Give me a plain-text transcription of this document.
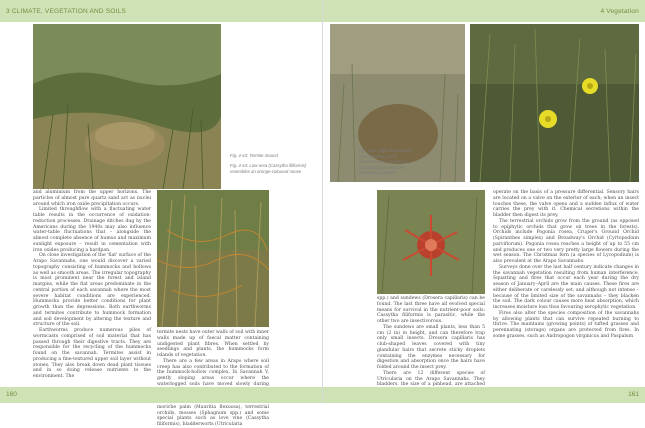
3 CLIMATE, VEGETATION AND SOILS	4 Vegetation
Fig. 4-43: Termite mound
Fig. 4-44: Low-area (Cassytha filiformis) resembles an orange-coloured noose
Fig. 4-45: (right-then below) Insectivorous plants: bladderwort (a species of Utricularia) and sundew (Drosera capillaris)

and aluminium from the upper horizons. The particles of almost pure quartz sand act as nuclei around which iron oxide precipitation occurs.

Limited throughflow with a fluctuating water table results in the occurrence of oxidation-reduction processes. Drainage ditches dug by the Americans during the 1940s may also influence water-table fluctuations that – alongside the almost complete absence of humus and maximum sunlight exposure – result in cementation with iron oxides producing a hardpan.

On close investigation of the 'flat' surface of the Arapo Savannahs, one would discover a varied topography consisting of hummocks and hollows as well as smooth areas. The irregular topography is most prominent near the forest and island margins, while the flat areas predominate in the central portion of each savannah where the most severe habitat conditions are experienced. Hummocks provide better conditions for plant growth than the depressions. Both earthworms and termites contribute to hummock formation and soil development by altering the texture and structure of the soil.

Earthworms produce numerous piles of wormcasts comprised of soil material that has passed through their digestive tracts. They are responsible for the recycling of the hummocks found on the savannah. Termites assist in producing a fine-textured upper soil layer without stones. They also break down dead plant tissues and in so doing release nutrients to the environment. The

termite nests have outer walls of soil with inner walls made up of faecal matter containing undigested plant fibres. When settled by seedlings and plants, the hummocks form islands of vegetation.

There are a few areas in Arapo where soil creep has also contributed to the formation of the hummock-hollow complex. In Savannah V, gently sloping areas occur where the waterlogged soils have moved slowly during

moriche palm (Mauritia flexuosa), terrestrial orchids, mosses (Sphagnum spp.) and some special plants such as love vine (Cassytha filiformis), bladderworts (Utricularia

spp.) and sundews (Drosera capillaris) can be found. The last three have all evolved special means for survival in the nutrient-poor soils: Cassytha filiformis is parasitic, while the other two are insectivorous.

The sundews are small plants, less than 5 cm (2 in) in height, and can therefore trap only small insects. Drosera capillaris has club-shaped leaves covered with tiny glandular hairs that secrete sticky droplets containing the enzymes necessary for digestion and absorption once the hairs have folded around the insect prey.

There are 12 different species of Utricularia on the Arapo Savannahs. They bladders, the size of a pinhead, are attached

operate on the basis of a pressure differential. Sensory hairs are located on a valve on the exterior of each; when an insect touches these, the valve opens and a sudden influx of water carries the prey with it. Chemical secretions within the bladder then digest its prey.

The terrestrial orchids grow from the ground (as opposed to epiphytic orchids that grow on trees in the forests). Orchids include Pogonia rosea, Cruger's Ground Orchid (Spiranthes simplex) and Broadway's Orchid (Cyrtopodium parviflorum). Pogonia rosea reaches a height of up to 55 cm and produces one or two very pretty large flowers during the wet season. The Christmas fern (a species of Lycopodium) is also prevalent at the Arapo Savannahs.

Surveys done over the last half century indicate changes in the savannah vegetation resulting from human interference. Squatting and fires that occur each year during the dry season of January–April are the main causes. These fires are either deliberate or carelessly set, and although not intense – because of the limited size of the savannahs – they blacken the soil. The dark colour causes more heat absorption, which increases moisture loss thus favouring xerophytic vegetation.

Fires also alter the species composition of the savannahs by allowing plants that can survive repeated burning to thrive. The maintains (growing points) of tufted grasses and perennating (storage) organs are protected from fires. In some grasses, such as Andropogon virginicus and Paspalum

160	161
